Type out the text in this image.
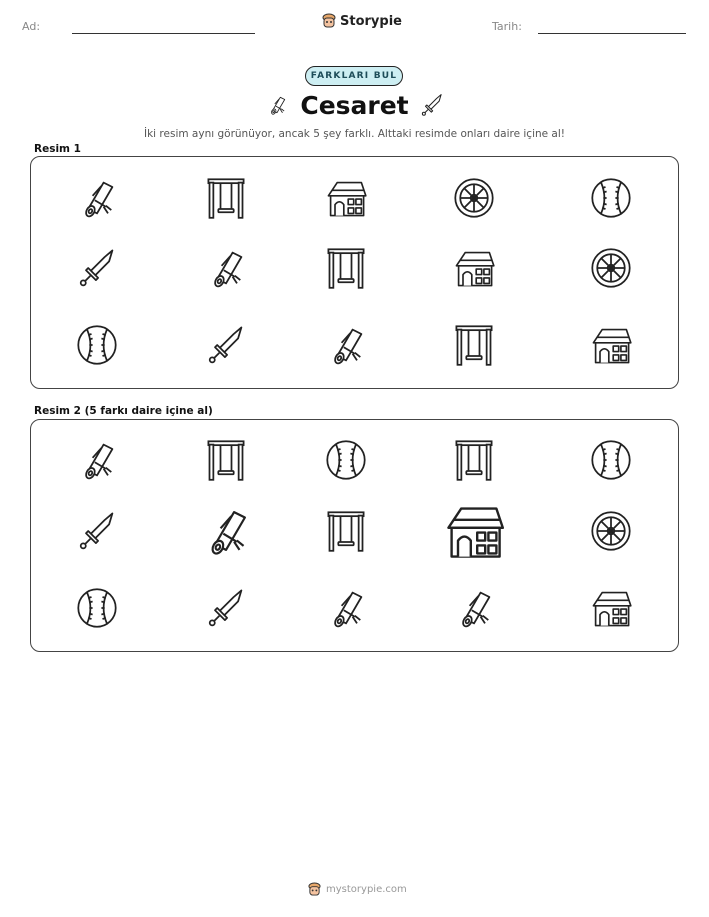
Ad:	Storypie	Tarih:
FARKLARI BUL
Cesaret
İki resim aynı görünüyor, ancak 5 şey farklı. Alttaki resimde onları daire içine al!
Resim 1
Resim 2 (5 farkı daire içine al)
mystorypie.com
